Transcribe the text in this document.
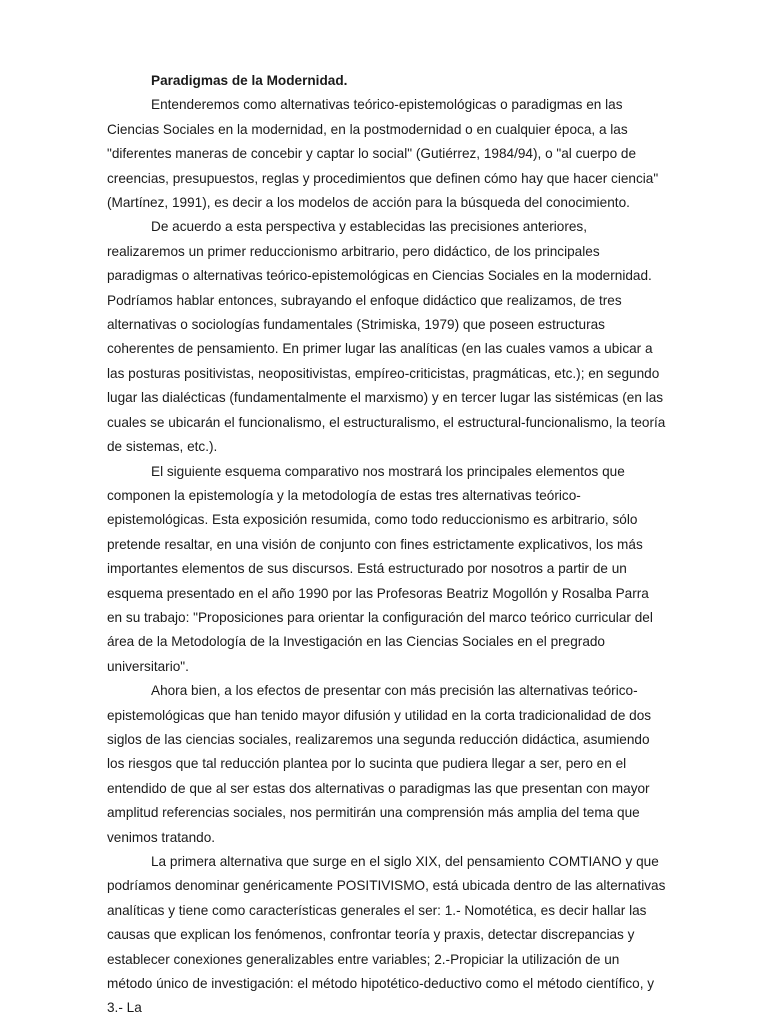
Paradigmas de la Modernidad.

Entenderemos como alternativas teórico-epistemológicas o paradigmas en las Ciencias Sociales en la modernidad, en la postmodernidad o en cualquier época, a las "diferentes maneras de concebir y captar lo social" (Gutiérrez, 1984/94), o "al cuerpo de creencias, presupuestos, reglas y procedimientos que definen cómo hay que hacer ciencia"(Martínez, 1991), es decir a los modelos de acción para la búsqueda del conocimiento.

De acuerdo a esta perspectiva y establecidas las precisiones anteriores, realizaremos un primer reduccionismo arbitrario, pero didáctico, de los principales paradigmas o alternativas teórico-epistemológicas en Ciencias Sociales en la modernidad. Podríamos hablar entonces, subrayando el enfoque didáctico que realizamos, de tres alternativas o sociologías fundamentales (Strimiska, 1979) que poseen estructuras coherentes de pensamiento. En primer lugar las analíticas (en las cuales vamos a ubicar a las posturas positivistas, neopositivistas, empíreo-criticistas, pragmáticas, etc.); en segundo lugar las dialécticas (fundamentalmente el marxismo) y en tercer lugar las sistémicas (en las cuales se ubicarán el funcionalismo, el estructuralismo, el estructural-funcionalismo, la teoría de sistemas, etc.).

El siguiente esquema comparativo nos mostrará los principales elementos que componen la epistemología y la metodología de estas tres alternativas teórico-epistemológicas. Esta exposición resumida, como todo reduccionismo es arbitrario, sólo pretende resaltar, en una visión de conjunto con fines estrictamente explicativos, los más importantes elementos de sus discursos. Está estructurado por nosotros a partir de un esquema presentado en el año 1990 por las Profesoras Beatriz Mogollón y Rosalba Parra en su trabajo: "Proposiciones para orientar la configuración del marco teórico curricular del área de la Metodología de la Investigación en las Ciencias Sociales en el pregrado universitario".

Ahora bien, a los efectos de presentar con más precisión las alternativas teórico-epistemológicas que han tenido mayor difusión y utilidad en la corta tradicionalidad de dos siglos de las ciencias sociales, realizaremos una segunda reducción didáctica, asumiendo los riesgos que tal reducción plantea por lo sucinta que pudiera llegar a ser, pero en el entendido de que al ser estas dos alternativas o paradigmas las que presentan con mayor amplitud referencias sociales, nos permitirán una comprensión más amplia del tema que venimos tratando.

La primera alternativa que surge en el siglo XIX, del pensamiento COMTIANO y que podríamos denominar genéricamente POSITIVISMO, está ubicada dentro de las alternativas analíticas y tiene como características generales el ser: 1.- Nomotética, es decir hallar las causas que explican los fenómenos, confrontar teoría y praxis, detectar discrepancias y establecer conexiones generalizables entre variables; 2.-Propiciar la utilización de un método único de investigación: el método hipotético-deductivo como el método científico, y 3.- La
